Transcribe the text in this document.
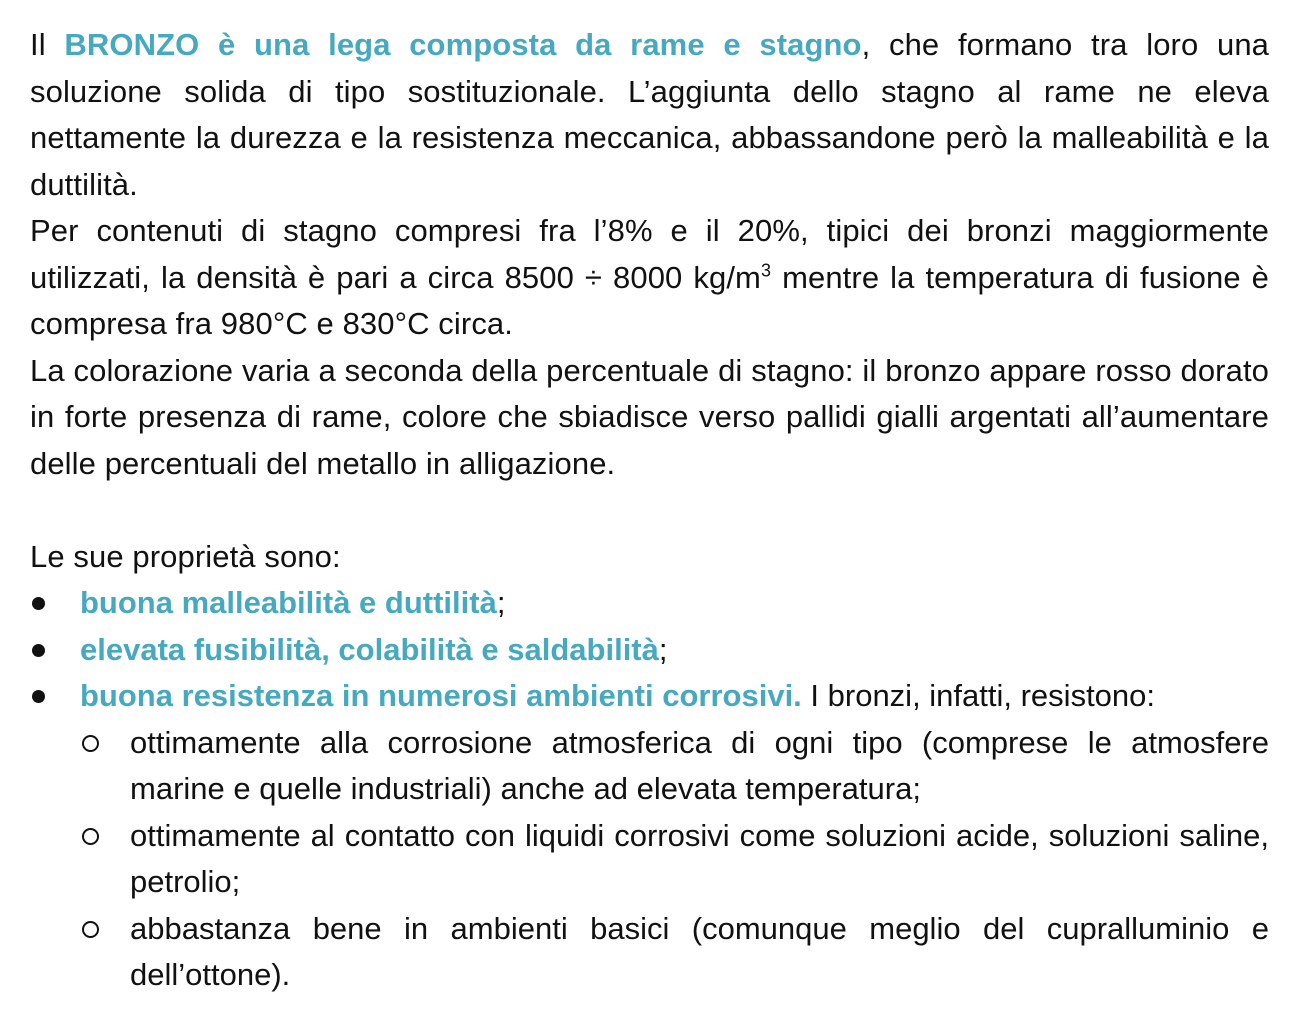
Il BRONZO è una lega composta da rame e stagno, che formano tra loro una soluzione solida di tipo sostituzionale. L’aggiunta dello stagno al rame ne eleva nettamente la durezza e la resistenza meccanica, abbassandone però la malleabilità e la duttilità.

Per contenuti di stagno compresi fra l’8% e il 20%, tipici dei bronzi maggiormente utilizzati, la densità è pari a circa 8500 ÷ 8000 $kg/m^3$ mentre la temperatura di fusione è compresa fra 980°C e 830°C circa.

La colorazione varia a seconda della percentuale di stagno: il bronzo appare rosso dorato in forte presenza di rame, colore che sbiadisce verso pallidi gialli argentati all’aumentare delle percentuali del metallo in alligazione.

Le sue proprietà sono:

buona malleabilità e duttilità;
elevata fusibilità, colabilità e saldabilità;
buona resistenza in numerosi ambienti corrosivi. I bronzi, infatti, resistono:
ottimamente alla corrosione atmosferica di ogni tipo (comprese le atmosfere marine e quelle industriali) anche ad elevata temperatura;
ottimamente al contatto con liquidi corrosivi come soluzioni acide, soluzioni saline, petrolio;
abbastanza bene in ambienti basici (comunque meglio del cupralluminio e dell’ottone).
